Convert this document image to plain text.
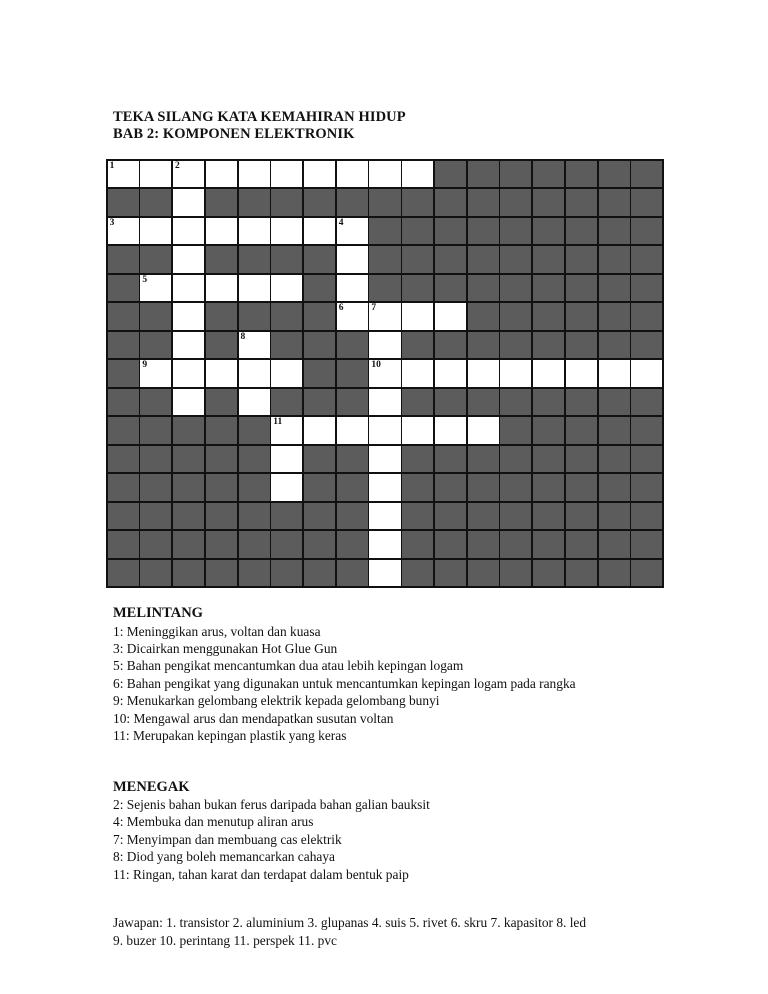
TEKA SILANG KATA KEMAHIRAN HIDUP
BAB 2: KOMPONEN ELEKTRONIK
1	2
3	4
5
6	7
8
9	10
11
MELINTANG
1: Meninggikan arus, voltan dan kuasa
3: Dicairkan menggunakan Hot Glue Gun
5: Bahan pengikat mencantumkan dua atau lebih kepingan logam
6: Bahan pengikat yang digunakan untuk mencantumkan kepingan logam pada rangka
9: Menukarkan gelombang elektrik kepada gelombang bunyi
10: Mengawal arus dan mendapatkan susutan voltan
11: Merupakan kepingan plastik yang keras
MENEGAK
2: Sejenis bahan bukan ferus daripada bahan galian bauksit
4: Membuka dan menutup aliran arus
7: Menyimpan dan membuang cas elektrik
8: Diod yang boleh memancarkan cahaya
11: Ringan, tahan karat dan terdapat dalam bentuk paip
Jawapan: 1. transistor 2. aluminium 3. glupanas 4. suis 5. rivet 6. skru 7. kapasitor 8. led
9. buzer 10. perintang 11. perspek 11. pvc
